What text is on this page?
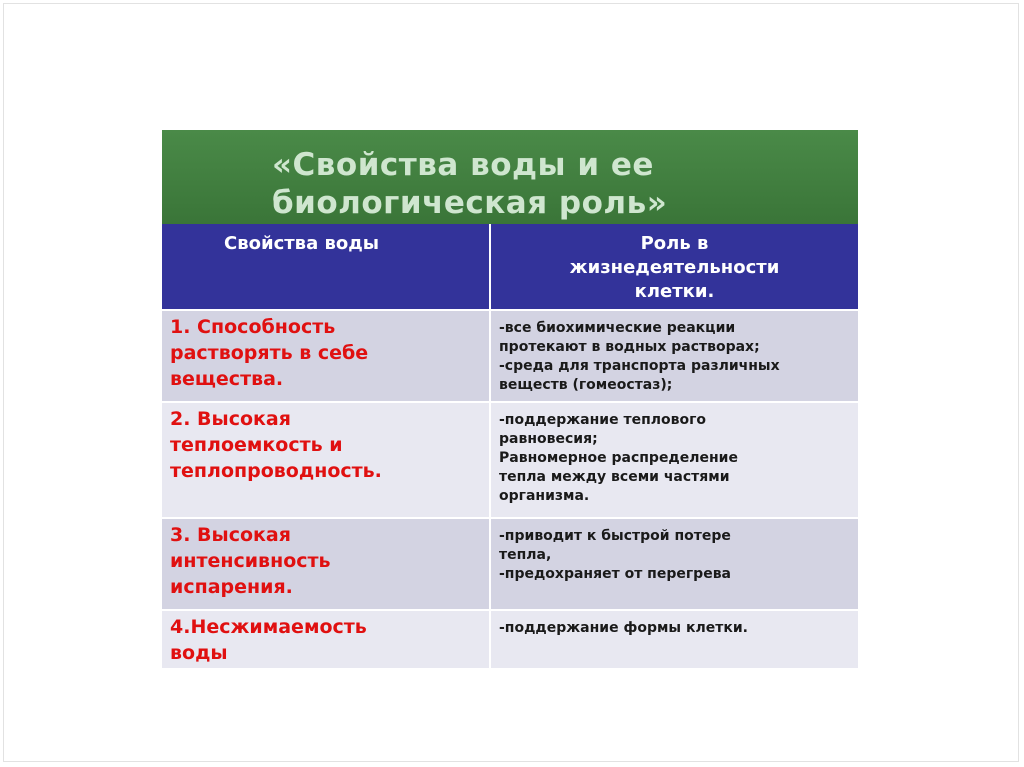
«Свойства воды и ее
биологическая роль»
Свойства воды	Роль в
жизнедеятельности
клетки.

1. Способность
растворять в себе
вещества.	-все биохимические реакции
протекают в водных растворах;
-среда для транспорта различных
веществ (гомеостаз);

2. Высокая
теплоемкость и
теплопроводность.	-поддержание теплового
равновесия;
Равномерное распределение
тепла между всеми частями
организма.

3. Высокая
интенсивность
испарения.	-приводит к быстрой потере
тепла,
-предохраняет от перегрева

4.Несжимаемость
воды	-поддержание формы клетки.
